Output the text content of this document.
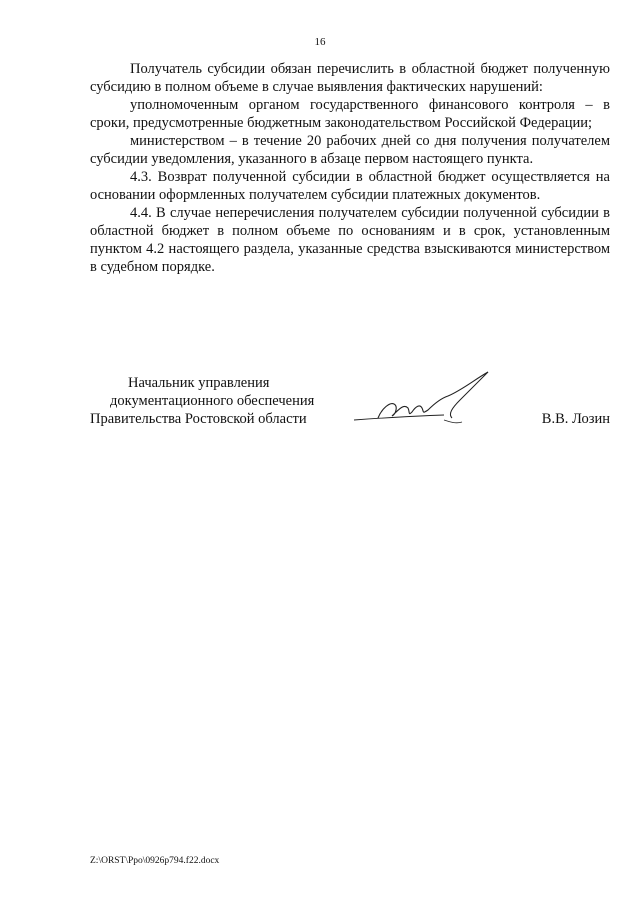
16

Получатель субсидии обязан перечислить в областной бюджет полученную субсидию в полном объеме в случае выявления фактических нарушений:

уполномоченным органом государственного финансового контроля – в сроки, предусмотренные бюджетным законодательством Российской Федерации;

министерством – в течение 20 рабочих дней со дня получения получателем субсидии уведомления, указанного в абзаце первом настоящего пункта.

4.3. Возврат полученной субсидии в областной бюджет осуществляется на основании оформленных получателем субсидии платежных документов.

4.4. В случае неперечисления получателем субсидии полученной субсидии в областной бюджет в полном объеме по основаниям и в срок, установленным пунктом 4.2 настоящего раздела, указанные средства взыскиваются министерством в судебном порядке.

Начальник управления
документационного обеспечения
Правительства Ростовской области	В.В. Лозин
Z:\ORST\Ppo\0926p794.f22.docx
